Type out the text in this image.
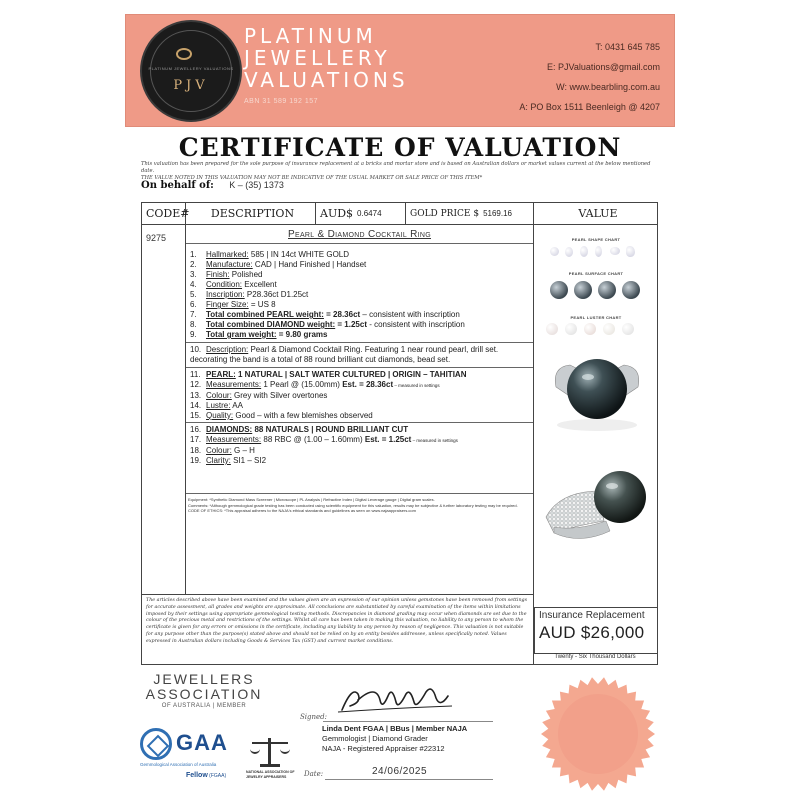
PLATINUM JEWELLERY VALUATIONS
PJV
PLATINUM
JEWELLERY
VALUATIONS
ABN 31 589 192 157
T: 0431 645 785
E: PJValuations@gmail.com
W: www.bearbling.com.au
A: PO Box 1511 Beenleigh @ 4207
CERTIFICATE OF VALUATION
This valuation has been prepared for the sole purpose of insurance replacement at a bricks and mortar store and is based on Australian dollars or market values current at the below mentioned date.
THE VALUE NOTED IN THIS VALUATION MAY NOT BE INDICATIVE OF THE USUAL MARKET OR SALE PRICE OF THIS ITEM*
On behalf of: K – (35) 1373
CODE#	DESCRIPTION	AUD$ 0.6474	GOLD PRICE $ 5169.16	VALUE
9275	Pearl & Diamond Cocktail Ring
1. Hallmarked: 585 | IN 14ct WHITE GOLD
2. Manufacture: CAD | Hand Finished | Handset
3. Finish: Polished
4. Condition: Excellent
5. Inscription: P28.36ct D1.25ct
6. Finger Size: = US 8
7. Total combined PEARL weight: = 28.36ct – consistent with inscription
8. Total combined DIAMOND weight: = 1.25ct - consistent with inscription
9. Total gram weight: = 9.80 grams
10. Description: Pearl & Diamond Cocktail Ring. Featuring 1 near round pearl, drill set.
decorating the band is a total of 88 round brilliant cut diamonds, bead set.
11. PEARL: 1 NATURAL | SALT WATER CULTURED | ORIGIN – TAHITIAN
12. Measurements: 1 Pearl @ (15.00mm) Est. = 28.36ct – measured in settings
13. Colour: Grey with Silver overtones
14. Lustre: AA
15. Quality: Good – with a few blemishes observed
16. DIAMONDS: 88 NATURALS | ROUND BRILLIANT CUT
17. Measurements: 88 RBC @ (1.00 – 1.60mm) Est. = 1.25ct – measured in settings
18. Colour: G – H
19. Clarity: SI1 – SI2
Equipment: *Synthetic Diamond Mass Screener | Microscope | PL Analysis | Refractive Index | Digital Leverage gauge | Digital gram scales.
Comments: *Although gemmological grade testing has been conducted using scientific equipment for this valuation, results may be subjective & further laboratory testing may be required.
CODE OF ETHICS: *This appraisal adheres to the NAJA's ethical standards and guidelines as seen on www.najaappraisers.com
PEARL SHAPE CHART
PEARL SURFACE CHART
PEARL LUSTER CHART
The articles described above have been examined and the values given are an expression of our opinion unless gemstones have been removed from settings for accurate assessment, all grades and weights are approximate. All conclusions are substantiated by careful examination of the items within limitations imposed by their settings using appropriate gemmological testing methods. Discrepancies in diamond grading may occur when diamonds are set due to the colour of the precious metal and restrictions of the settings. Whilst all care has been taken in making this valuation, no liability to any person to whom the certificate is given for any errors or omissions in the certificate, including any liability to any person by reason of negligence. This valuation is not suitable for any purpose other than the purpose(s) stated above and should not be relied on by an entity besides addressee, unless specifically noted. Values expressed in Australian dollars including Goods & Services Tax (GST) and current market conditions.
Insurance Replacement
AUD $26,000
Twenty - Six Thousand Dollars
JEWELLERS
ASSOCIATION
OF AUSTRALIA | MEMBER
GAA
Gemmological Association of Australia
Fellow (FGAA)
NATIONAL ASSOCIATION OF JEWELRY APPRAISERS
Signed:
Linda Dent FGAA | BBus | Member NAJA
Gemmologist | Diamond Grader
NAJA - Registered Appraiser #22312
Date:	24/06/2025
